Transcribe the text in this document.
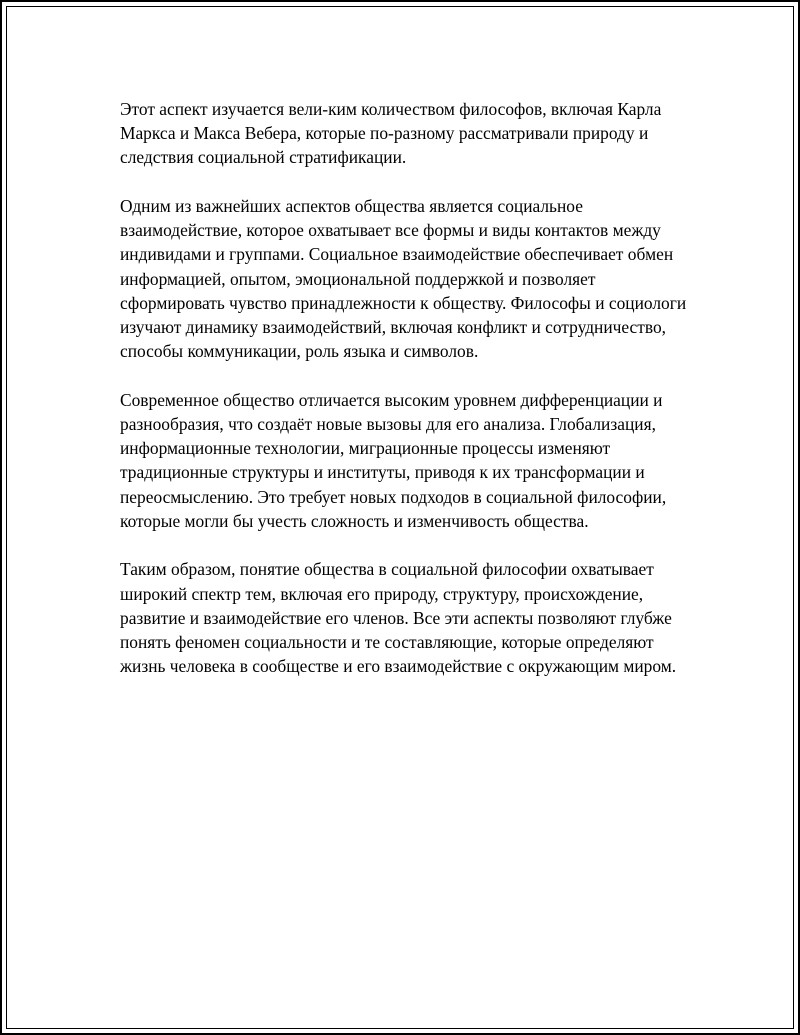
Этот аспект изучается вели-ким количеством философов, включая Карла Маркса и Макса Вебера, которые по-разному рассматривали природу и следствия социальной стратификации.

Одним из важнейших аспектов общества является социальное взаимодействие, которое охватывает все формы и виды контактов между индивидами и группами. Социальное взаимодействие обеспечивает обмен информацией, опытом, эмоциональной поддержкой и позволяет сформировать чувство принадлежности к обществу. Философы и социологи изучают динамику взаимодействий, включая конфликт и сотрудничество, способы коммуникации, роль языка и символов.

Современное общество отличается высоким уровнем дифференциации и разнообразия, что создаёт новые вызовы для его анализа. Глобализация, информационные технологии, миграционные процессы изменяют традиционные структуры и институты, приводя к их трансформации и переосмыслению. Это требует новых подходов в социальной философии, которые могли бы учесть сложность и изменчивость общества.

Таким образом, понятие общества в социальной философии охватывает широкий спектр тем, включая его природу, структуру, происхождение, развитие и взаимодействие его членов. Все эти аспекты позволяют глубже понять феномен социальности и те составляющие, которые определяют жизнь человека в сообществе и его взаимодействие с окружающим миром.
